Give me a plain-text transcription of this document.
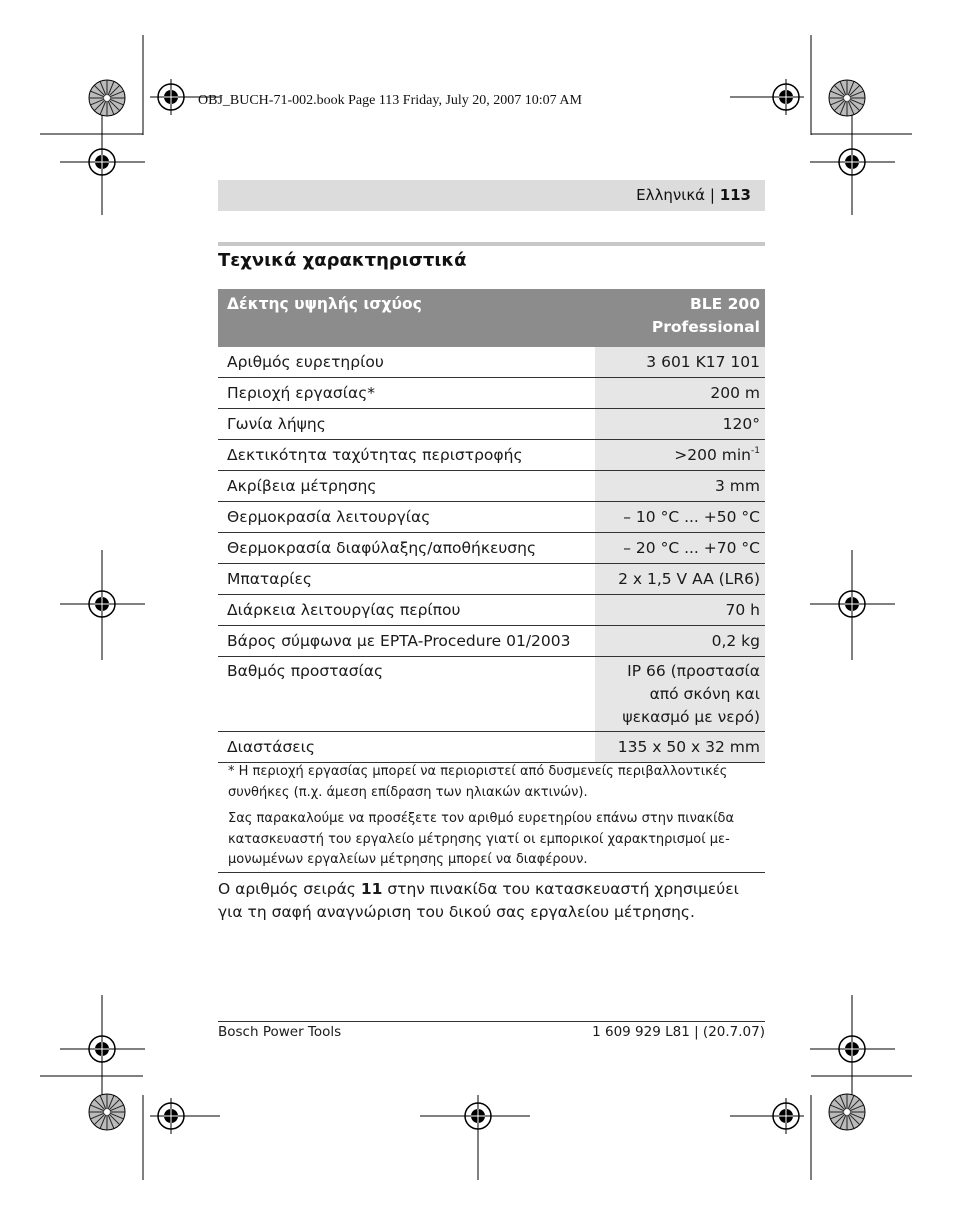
OBJ_BUCH-71-002.book Page 113 Friday, July 20, 2007 10:07 AM
Ελληνικά | 113
Τεχνικά χαρακτηριστικά
Δέκτης υψηλής ισχύος	BLE 200
Professional
Αριθμός ευρετηρίου	3 601 K17 101
Περιοχή εργασίας*	200 m
Γωνία λήψης	120°
Δεκτικότητα ταχύτητας περιστροφής	>200 $\min^{-1}$
Ακρίβεια μέτρησης	3 mm
Θερμοκρασία λειτουργίας	– 10 °C ... +50 °C
Θερμοκρασία διαφύλαξης/αποθήκευσης	– 20 °C ... +70 °C
Μπαταρίες	2 x 1,5 V AA (LR6)
Διάρκεια λειτουργίας περίπου	70 h
Βάρος σύμφωνα με EPTA-Procedure 01/2003	0,2 kg
Βαθμός προστασίας	IP 66 (προστασία
από σκόνη και
ψεκασμό με νερό)
Διαστάσεις	135 x 50 x 32 mm

* Η περιοχή εργασίας μπορεί να περιοριστεί από δυσμενείς περιβαλλοντικές συνθήκες (π.χ. άμεση επίδραση των ηλιακών ακτινών).

Σας παρακαλούμε να προσέξετε τον αριθμό ευρετηρίου επάνω στην πινακίδα κατασκευαστή του εργαλείο μέτρησης γιατί οι εμπορικοί χαρακτηρισμοί με- μονωμένων εργαλείων μέτρησης μπορεί να διαφέρουν.

Ο αριθμός σειράς 11 στην πινακίδα του κατασκευαστή χρησιμεύει για τη σαφή αναγνώριση του δικού σας εργαλείου μέτρησης.
Bosch Power Tools	1 609 929 L81 | (20.7.07)
